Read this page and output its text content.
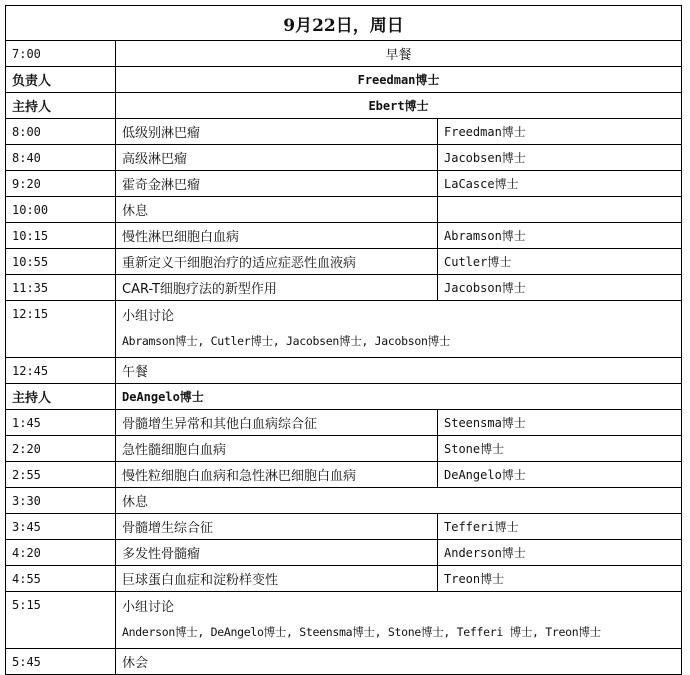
9月22日，周日		
7:00	早餐	
负责人	Freedman博士	
主持人	Ebert博士	
8:00	低级别淋巴瘤	Freedman博士
8:40	高级淋巴瘤	Jacobsen博士
9:20	霍奇金淋巴瘤	LaCasce博士
10:00	休息	
10:15	慢性淋巴细胞白血病	Abramson博士
10:55	重新定义干细胞治疗的适应症恶性血液病	Cutler博士
11:35	CAR-T细胞疗法的新型作用	Jacobson博士
12:15	小组讨论
Abramson博士, Cutler博士, Jacobsen博士, Jacobson博士	

12:45	午餐	
主持人	DeAngelo博士	
1:45	骨髓增生异常和其他白血病综合征	Steensma博士
2:20	急性髓细胞白血病	Stone博士
2:55	慢性粒细胞白血病和急性淋巴细胞白血病	DeAngelo博士
3:30	休息	
3:45	骨髓增生综合征	Tefferi博士
4:20	多发性骨髓瘤	Anderson博士
4:55	巨球蛋白血症和淀粉样变性	Treon博士
5:15	小组讨论
Anderson博士, DeAngelo博士, Steensma博士, Stone博士, Tefferi 博士, Treon博士	

5:45	休会	
